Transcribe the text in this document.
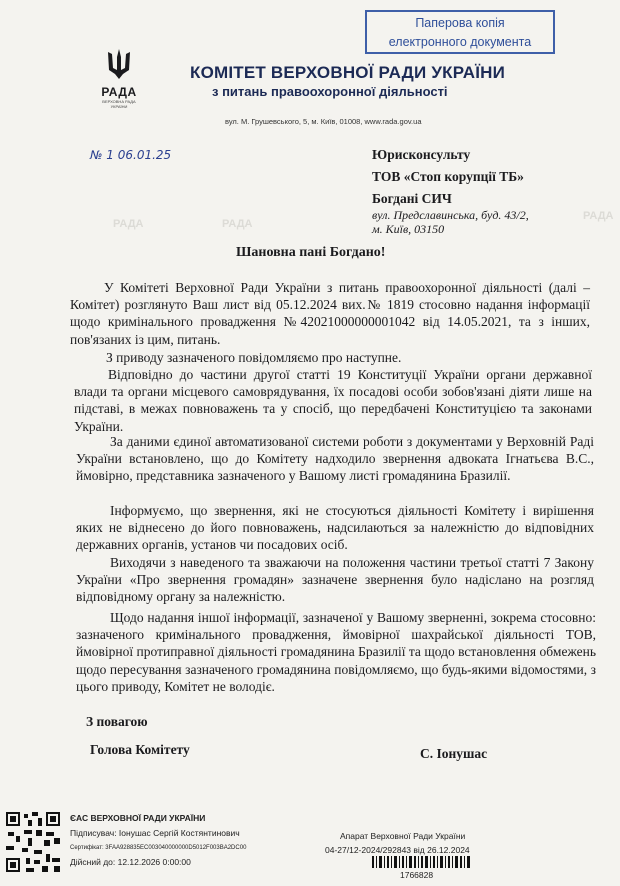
Паперова копія
електронного документа
РАДА
ВЕРХОВНА РАДА
УКРАЇНИ
КОМІТЕТ ВЕРХОВНОЇ РАДИ УКРАЇНИ
з питань правоохоронної діяльності
вул. М. Грушевського, 5, м. Київ, 01008, www.rada.gov.ua
№ 1 06.01.25
РАДА	РАДА
РАДА
Юрисконсульту
ТОВ «Стоп корупції ТБ»
Богдані СИЧ
вул. Предславинська, буд. 43/2,
м. Київ, 03150
Шановна пані Богдано!

У Комітеті Верховної Ради України з питань правоохоронної діяльності (далі – Комітет) розглянуто Ваш лист від 05.12.2024 вих.№ 1819 стосовно надання інформації щодо кримінального провадження №42021000000001042 від 14.05.2021, та з інших, пов'язаних із цим, питань.

З приводу зазначеного повідомляємо про наступне.

Відповідно до частини другої статті 19 Конституції України органи державної влади та органи місцевого самоврядування, їх посадові особи зобов'язані діяти лише на підставі, в межах повноважень та у спосіб, що передбачені Конституцією та законами України.

За даними єдиної автоматизованої системи роботи з документами у Верховній Раді України встановлено, що до Комітету надходило звернення адвоката Ігнатьєва В.С., ймовірно, представника зазначеного у Вашому листі громадянина Бразилії.

Інформуємо, що звернення, які не стосуються діяльності Комітету і вирішення яких не віднесено до його повноважень, надсилаються за належністю до відповідних державних органів, установ чи посадових осіб.

Виходячи з наведеного та зважаючи на положення частини третьої статті 7 Закону України «Про звернення громадян» зазначене звернення було надіслано на розгляд відповідному органу за належністю.

Щодо надання іншої інформації, зазначеної у Вашому зверненні, зокрема стосовно: зазначеного кримінального провадження, ймовірної шахрайської діяльності ТОВ, ймовірної протиправної діяльності громадянина Бразилії та щодо встановлення обмежень щодо пересування зазначеного громадянина повідомляємо, що будь-якими відомостями, з цього приводу, Комітет не володіє.

З повагою
Голова Комітету	С. Іонушас
ЄАС ВЕРХОВНОЇ РАДИ УКРАЇНИ
Підписувач: Іонушас Сергій Костянтинович
Сертифікат: 3FAA928835EC003040000000D5012F003BA2DC00
Дійсний до: 12.12.2026 0:00:00
Апарат Верховної Ради України
04-27/12-2024/292843 від 26.12.2024
1766828
